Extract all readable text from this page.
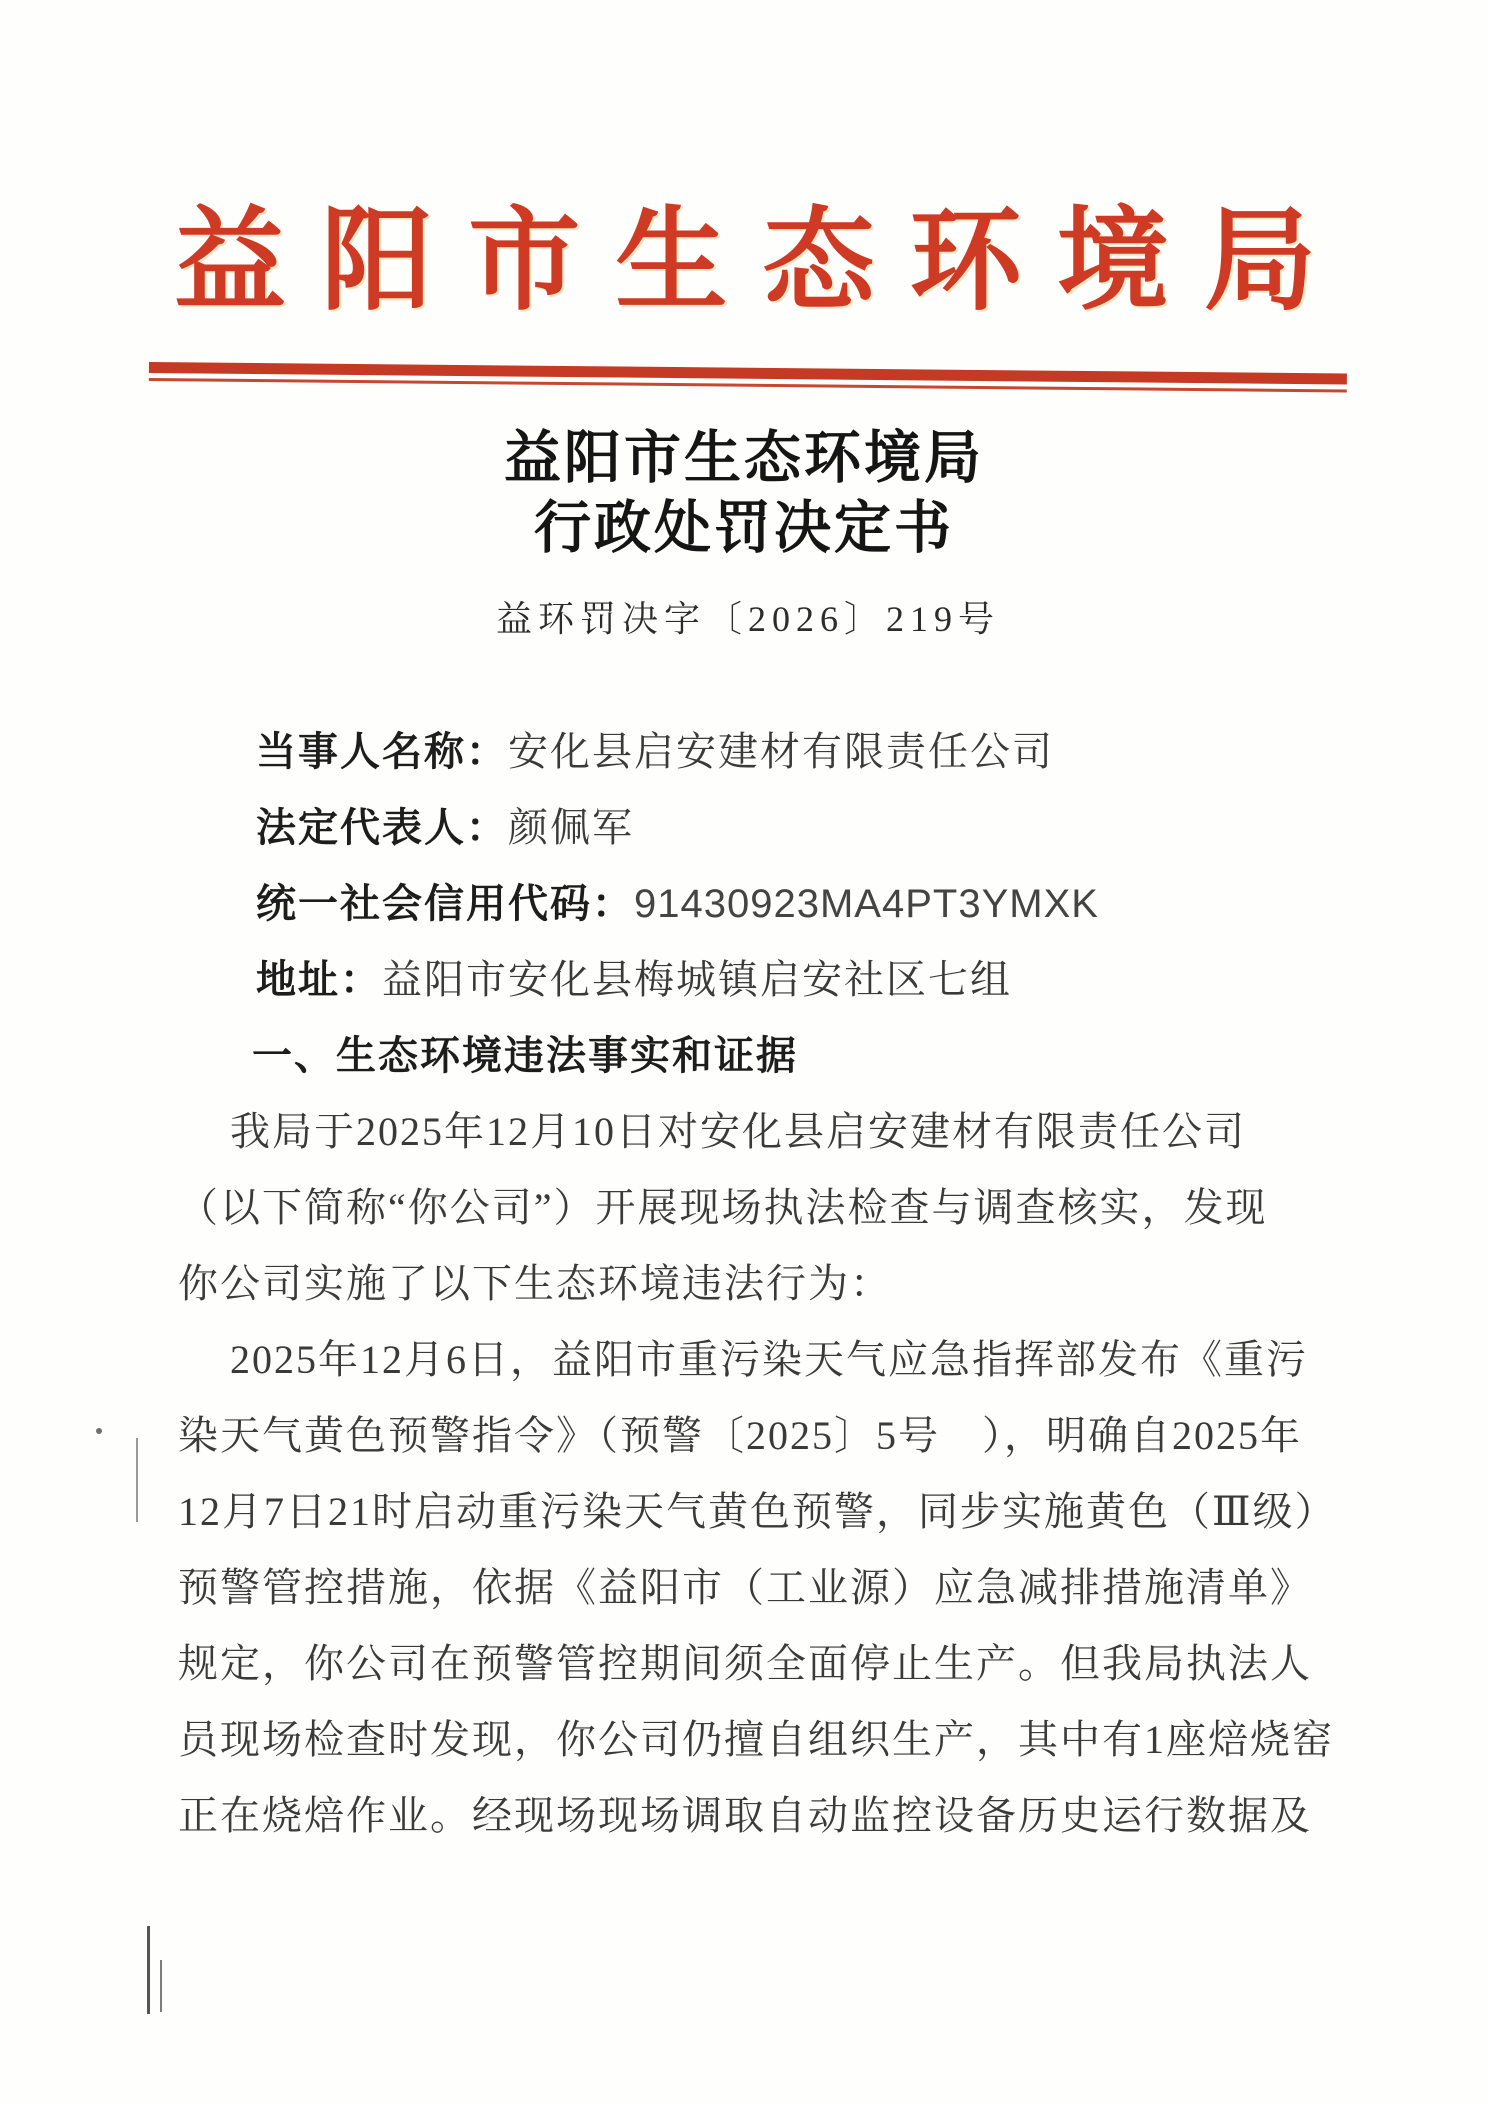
益阳市生态环境局
益阳市生态环境局
行政处罚决定书
益环罚决字〔2026〕219号
当事人名称：安化县启安建材有限责任公司
法定代表人：颜佩军
统一社会信用代码：91430923MA4PT3YMXK
地址：益阳市安化县梅城镇启安社区七组
一、生态环境违法事实和证据
我局于2025年12月10日对安化县启安建材有限责任公司
（以下简称“你公司”）开展现场执法检查与调查核实，发现
你公司实施了以下生态环境违法行为：
2025年12月6日，益阳市重污染天气应急指挥部发布《重污
染天气黄色预警指令》（预警〔2025〕5号　），明确自2025年
12月7日21时启动重污染天气黄色预警，同步实施黄色（Ⅲ级）
预警管控措施，依据《益阳市（工业源）应急减排措施清单》
规定，你公司在预警管控期间须全面停止生产。但我局执法人
员现场检查时发现，你公司仍擅自组织生产，其中有1座焙烧窑
正在烧焙作业。经现场现场调取自动监控设备历史运行数据及
